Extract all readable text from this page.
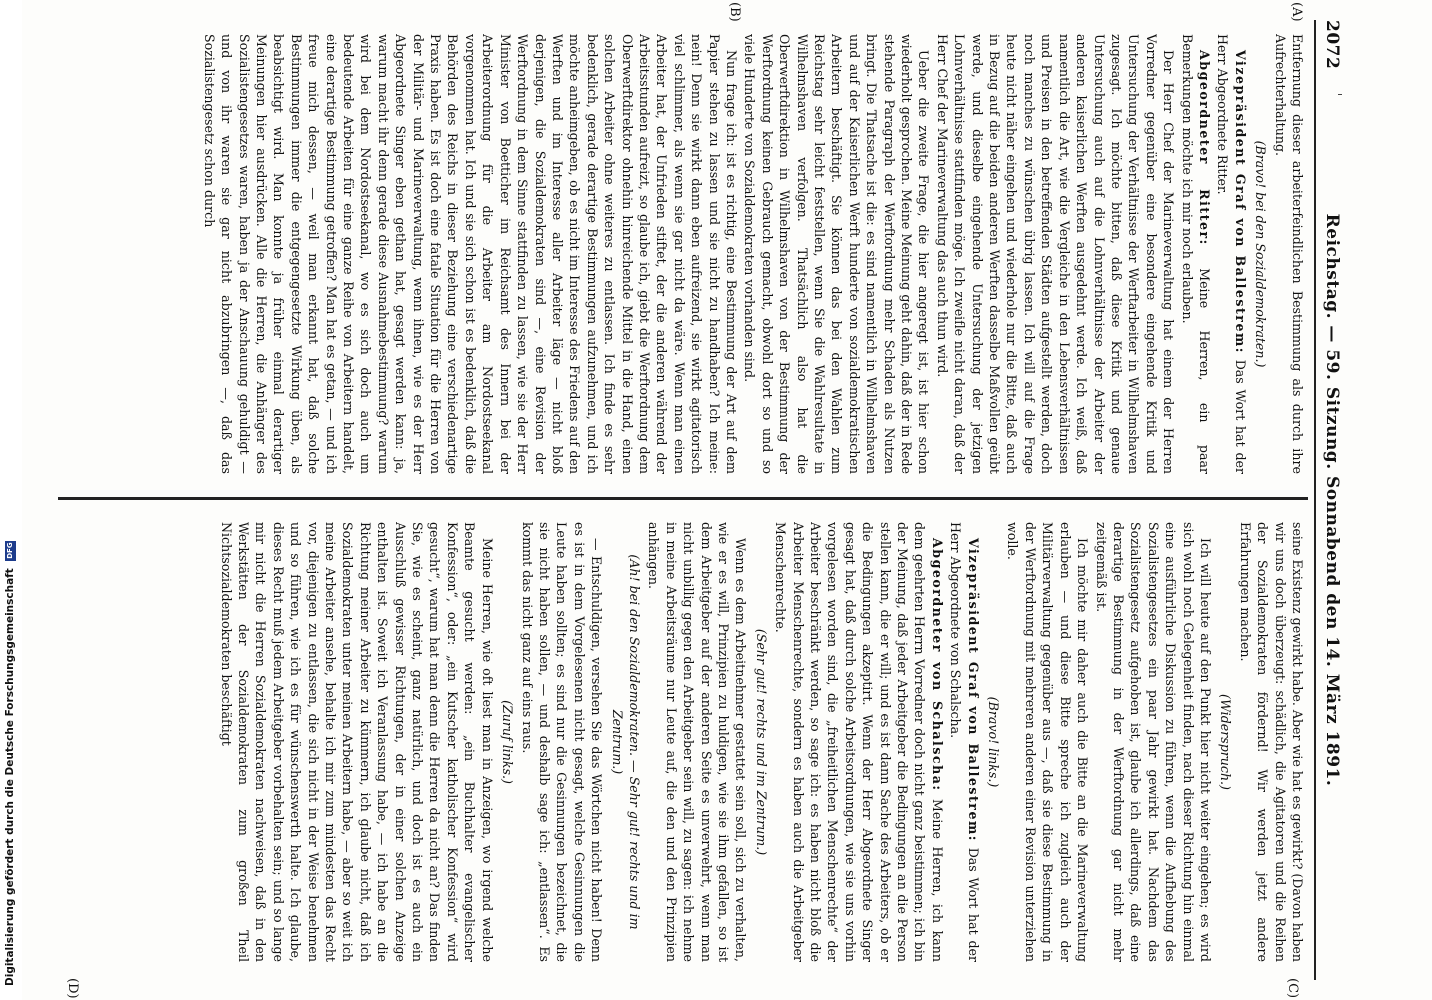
2072
Reichstag. — 59. Sitzung. Sonnabend den 14. März 1891.
(A)
(B)
(C)
(D)

Entfernung dieser arbeiterfeindlichen Bestimmung als durch ihre Aufrechterhaltung.

(Bravo! bei den Sozialdemokraten.)

Vizepräsident Graf von Ballestrem: Das Wort hat der Herr Abgeordnete Ritter.

Abgeordneter Ritter: Meine Herren, ein paar Bemerkungen möchte ich mir noch erlauben.

Der Herr Chef der Marineverwaltung hat einem der Herren Vorredner gegenüber eine besondere eingehende Kritik und Untersuchung der Verhältnisse der Werftarbeiter in Wilhelmshaven zugesagt. Ich möchte bitten, daß diese Kritik und genaue Untersuchung auch auf die Lohnverhältnisse der Arbeiter der anderen kaiserlichen Werften ausgedehnt werde. Ich weiß, daß namentlich die Art, wie die Vergleiche in den Lebensverhältnissen und Preisen in den betreffenden Städten aufgestellt werden, doch noch manches zu wünschen übrig lassen. Ich will auf die Frage heute nicht näher eingehen und wiederhole nur die Bitte, daß auch in Bezug auf die beiden anderen Werften dasselbe Maßvollen geübt werde, und dieselbe eingehende Untersuchung der jetzigen Lohnverhältnisse stattfinden möge. Ich zweifle nicht daran, daß der Herr Chef der Marineverwaltung das auch thun wird.

Ueber die zweite Frage, die hier angeregt ist, ist hier schon wiederholt gesprochen. Meine Meinung geht dahin, daß der in Rede stehende Paragraph der Werftordnung mehr Schaden als Nutzen bringt. Die Thatsache ist die: es sind namentlich in Wilhelmshaven und auf der Kaiserlichen Werft hunderte von sozialdemokratischen Arbeitern beschäftigt. Sie können das bei den Wahlen zum Reichstag sehr leicht feststellen, wenn Sie die Wahlresultate in Wilhelmshaven verfolgen. Thatsächlich also hat die Oberwerftdirektion in Wilhelmshaven von der Bestimmung der Werftordnung keinen Gebrauch gemacht, obwohl dort so und so viele Hunderte von Sozialdemokraten vorhanden sind.

Nun frage ich: ist es richtig, eine Bestimmung der Art auf dem Papier stehen zu lassen und sie nicht zu handhaben? Ich meine: nein! Denn sie wirkt dann eben aufreizend, sie wirkt agitatorisch viel schlimmer, als wenn sie gar nicht da wäre. Wenn man einen Arbeiter hat, der Unfrieden stiftet, der die anderen während der Arbeitsstunden aufreizt, so glaube ich, giebt die Werftordnung dem Oberwerftdirektor ohnehin hinreichende Mittel in die Hand, einen solchen Arbeiter ohne weiteres zu entlassen. Ich finde es sehr bedenklich, gerade derartige Bestimmungen aufzunehmen, und ich möchte anheimgeben, ob es nicht im Interesse des Friedens auf den Werften und im Interesse aller Arbeiter läge — nicht bloß derjenigen, die Sozialdemokraten sind —, eine Revision der Werftordnung in dem Sinne stattfinden zu lassen, wie sie der Herr Minister von Boetticher im Reichsamt des Innern bei der Arbeiterordnung für die Arbeiter am Nordostseekanal vorgenommen hat. Ich und sie sich schon ist es bedenklich, daß die Behörden des Reichs in dieser Beziehung eine verschiedenartige Praxis haben. Es ist doch eine fatale Situation für die Herren von der Militär- und Marineverwaltung, wenn ihnen, wie es der Herr Abgeordnete Singer eben gethan hat, gesagt werden kann: ja, warum macht ihr denn gerade diese Ausnahmebestimmung? warum wird bei dem Nordostseekanal, wo es sich doch auch um bedeutende Arbeiten für eine ganze Reihe von Arbeitern handelt, eine derartige Bestimmung getroffen? Man hat es getan, — und ich freue mich dessen, — weil man erkannt hat, daß solche Bestimmungen immer die entgegengesetzte Wirkung üben, als beabsichtigt wird. Man konnte ja früher einmal derartiger Meinungen hier ausdrücken. Alle die Herren, die Anhänger des Sozialistengesetzes waren, haben ja der Anschauung gehuldigt — und von ihr waren sie gar nicht abzubringen —, daß das Sozialistengesetz schon durch

seine Existenz gewirkt habe. Aber wie hat es gewirkt? (Davon haben wir uns doch überzeugt: schädlich, die Agitatoren und die Reihen der Sozialdemokraten fördernd! Wir werden jetzt andere Erfahrungen machen.

(Widerspruch.)

Ich will heute auf den Punkt hier nicht weiter eingehen; es wird sich wohl noch Gelegenheit finden, nach dieser Richtung hin einmal eine ausführliche Diskussion zu führen, wenn die Aufhebung des Sozialistengesetzes ein paar Jahr gewirkt hat. Nachdem das Sozialistengesetz aufgehoben ist, glaube ich allerdings, daß eine derartige Bestimmung in der Werftordnung gar nicht mehr zeitgemäß ist.

Ich möchte mir daher auch die Bitte an die Marineverwaltung erlauben — und diese Bitte spreche ich zugleich auch der Militärverwaltung gegenüber aus —, daß sie diese Bestimmung in der Werftordnung mit mehreren anderen einer Revision unterziehen wolle.

(Bravo! links.)

Vizepräsident Graf von Ballestrem: Das Wort hat der Herr Abgeordnete von Schalscha.

Abgeordneter von Schalscha: Meine Herren, ich kann dem geehrten Herrn Vorredner doch nicht ganz beistimmen; ich bin der Meinung, daß jeder Arbeitgeber die Bedingungen an die Person stellen kann, die er will; und es ist dann Sache des Arbeiters, ob er die Bedingungen akzeptirt. Wenn der Herr Abgeordnete Singer gesagt hat, daß durch solche Arbeitsordnungen, wie sie uns vorhin vorgelesen worden sind, die „freiheitlichen Menschenrechte“ der Arbeiter beschränkt werden, so sage ich: es haben nicht bloß die Arbeiter Menschenrechte, sondern es haben auch die Arbeitgeber Menschenrechte.

(Sehr gut! rechts und im Zentrum.)

Wenn es dem Arbeitnehmer gestattet sein soll, sich zu verhalten, wie er es will, Prinzipien zu huldigen, wie sie ihm gefallen, so ist dem Arbeitgeber auf der anderen Seite es unverwehrt, wenn man nicht unbillig gegen den Arbeitgeber sein will, zu sagen: ich nehme in meine Arbeitsräume nur Leute auf, die den und den Prinzipien anhängen.

(Ah! bei den Sozialdemokraten. — Sehr gut! rechts und im Zentrum.)

— Entschuldigen, versehen Sie das Wörtchen nicht haben! Denn es ist in dem Vorgelesenen nicht gesagt, welche Gesinnungen die Leute haben sollten; es sind nur die Gesinnungen bezeichnet, die sie nicht haben sollen, — und deshalb sage ich: „entlassen“. Es kommt das nicht ganz auf eins raus.

(Zuruf links.)

Meine Herren, wie oft liest man in Anzeigen, wo irgend welche Beamte gesucht werden: „ein Buchhalter evangelischer Konfession“, oder: „ein Kutscher katholischer Konfession“ wird gesucht“, warum hat man denn die Herren da nicht an? Das finden Sie, wie es scheint, ganz natürlich, und doch ist es auch ein Ausschluß gewisser Richtungen, der in einer solchen Anzeige enthalten ist. Soweit ich Veranlassung habe, — ich habe an die Richtung meiner Arbeiter zu kümmern, ich glaube nicht, daß ich Sozialdemokraten unter meinen Arbeitern habe, — aber so weit ich meine Arbeiter ansehe, behalte ich mir zum mindesten das Recht vor, diejenigen zu entlassen, die sich nicht in der Weise benehmen und so führen, wie ich es für wünschenswerth halte. Ich glaube, dieses Recht muß jedem Arbeitgeber vorbehalten sein; und so lange mir nicht die Herren Sozialdemokraten nachweisen, daß in den Werkstätten der Sozialdemokraten zum großen Theil Nichtsozialdemokraten beschäftigt

Digitalisierung gefördert durch die Deutsche Forschungsgemeinschaft DFG
